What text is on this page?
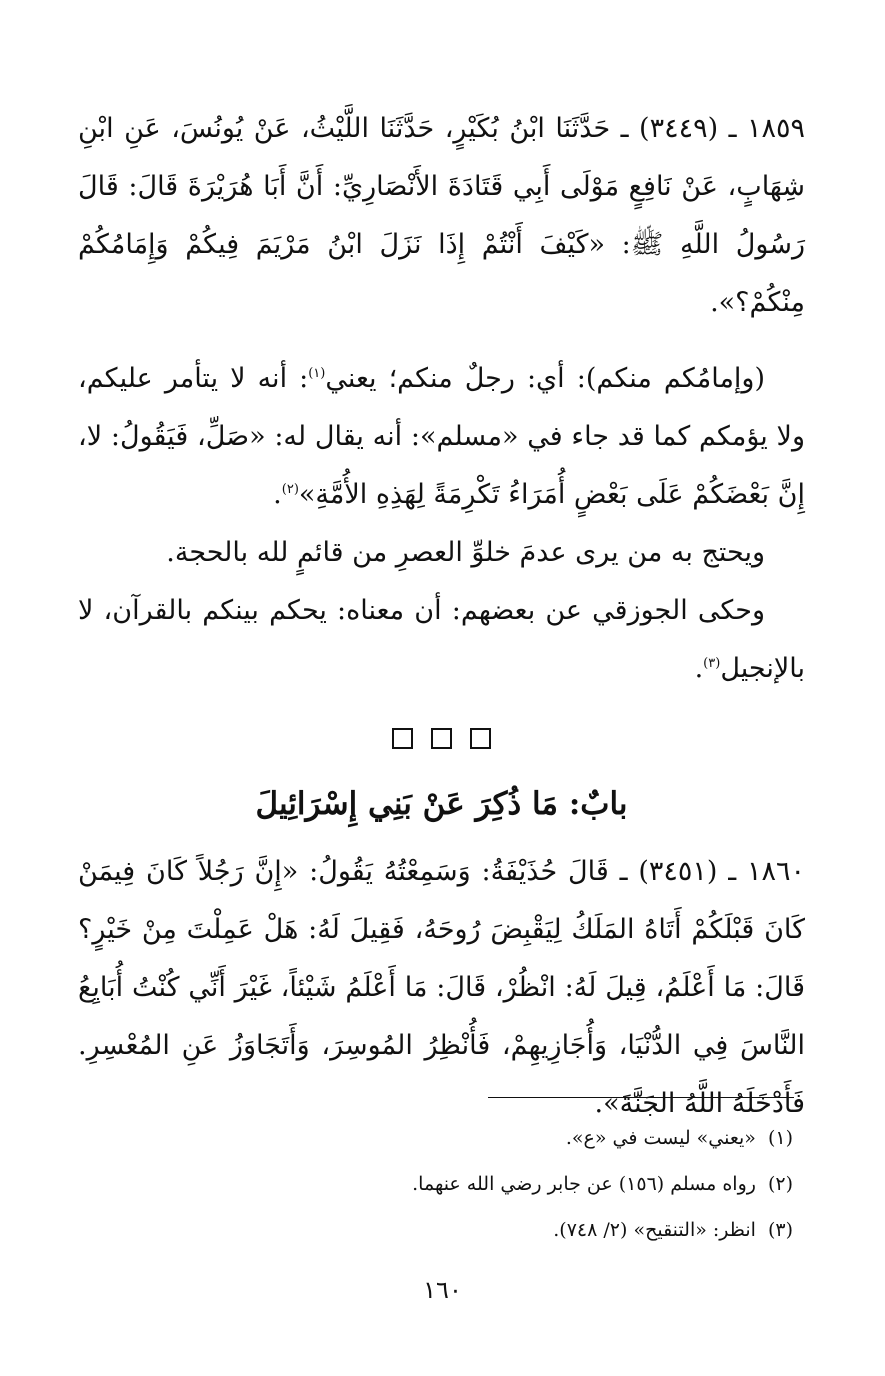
١٨٥٩ ـ (٣٤٤٩) ـ حَدَّثَنَا ابْنُ بُكَيْرٍ، حَدَّثَنَا اللَّيْثُ، عَنْ يُونُسَ، عَنِ ابْنِ شِهَابٍ، عَنْ نَافِعٍ مَوْلَى أَبِي قَتَادَةَ الأَنْصَارِيِّ: أَنَّ أَبَا هُرَيْرَةَ قَالَ: قَالَ رَسُولُ اللَّهِ ﷺ: «كَيْفَ أَنْتُمْ إِذَا نَزَلَ ابْنُ مَرْيَمَ فِيكُمْ وَإِمَامُكُمْ مِنْكُمْ؟».

(وإمامُكم منكم): أي: رجلٌ منكم؛ يعني$^{(١)}$: أنه لا يتأمر عليكم، ولا يؤمكم كما قد جاء في «مسلم»: أنه يقال له: «صَلِّ، فَيَقُولُ: لا، إِنَّ بَعْضَكُمْ عَلَى بَعْضٍ أُمَرَاءُ تَكْرِمَةً لِهَذِهِ الأُمَّةِ»$^{(٢)}$.

ويحتج به من يرى عدمَ خلوِّ العصرِ من قائمٍ لله بالحجة.

وحكى الجوزقي عن بعضهم: أن معناه: يحكم بينكم بالقرآن، لا بالإنجيل$^{(٣)}$.

بابٌ: مَا ذُكِرَ عَنْ بَنِي إِسْرَائِيلَ
١٨٦٠ ـ (٣٤٥١) ـ قَالَ حُذَيْفَةُ: وَسَمِعْتُهُ يَقُولُ: «إِنَّ رَجُلاً كَانَ فِيمَنْ كَانَ قَبْلَكُمْ أَتَاهُ المَلَكُ لِيَقْبِضَ رُوحَهُ، فَقِيلَ لَهُ: هَلْ عَمِلْتَ مِنْ خَيْرٍ؟ قَالَ: مَا أَعْلَمُ، قِيلَ لَهُ: انْظُرْ، قَالَ: مَا أَعْلَمُ شَيْئاً، غَيْرَ أَنِّي كُنْتُ أُبَايِعُ النَّاسَ فِي الدُّنْيَا، وَأُجَازِيهِمْ، فَأُنْظِرُ المُوسِرَ، وَأَتَجَاوَزُ عَنِ المُعْسِرِ. فَأَدْخَلَهُ اللَّهُ الجَنَّةَ».
(١)«يعني» ليست في «ع».
(٢)رواه مسلم (١٥٦) عن جابر رضي الله عنهما.
(٣)انظر: «التنقيح» (٢/ ٧٤٨).
١٦٠
